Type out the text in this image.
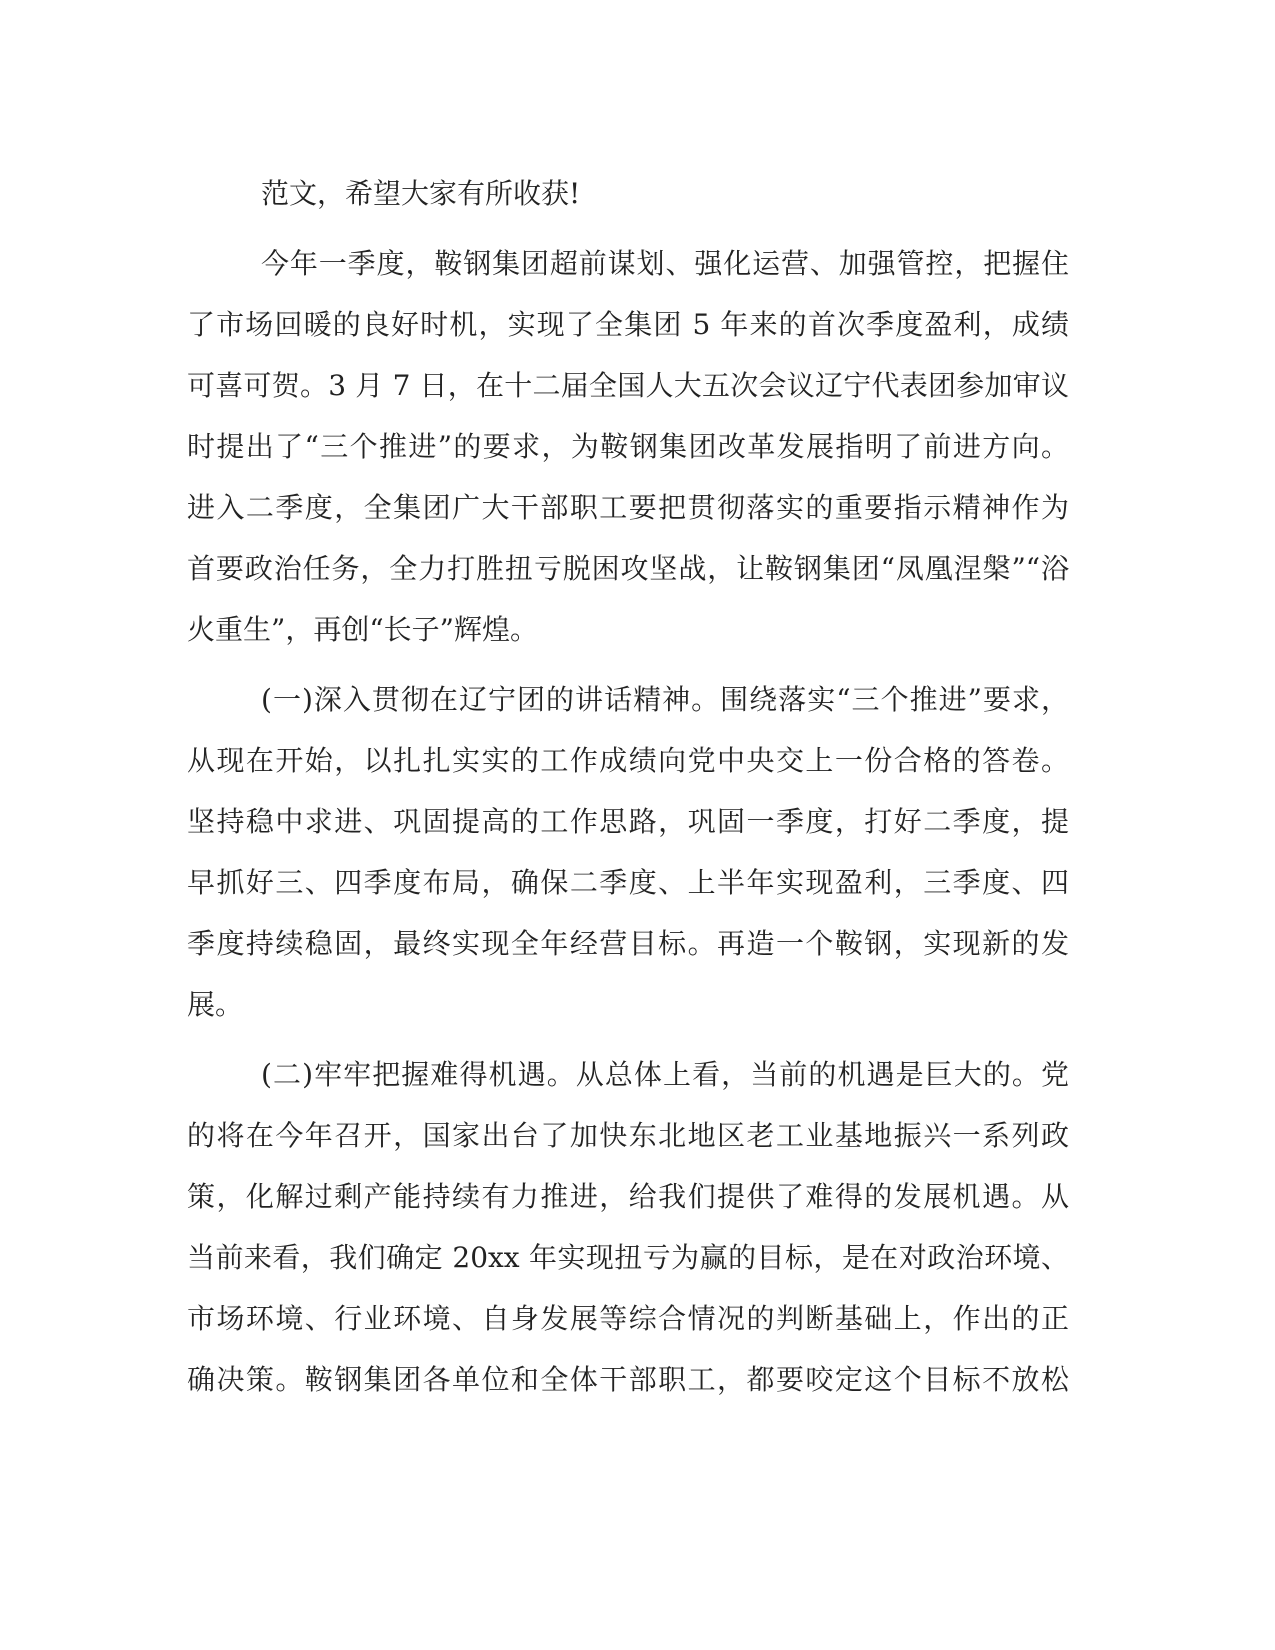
范文，希望大家有所收获!
今年一季度，鞍钢集团超前谋划、强化运营、加强管控，把握住
了市场回暖的良好时机，实现了全集团 5 年来的首次季度盈利，成绩
可喜可贺。3 月 7 日，在十二届全国人大五次会议辽宁代表团参加审议
时提出了“三个推进”的要求，为鞍钢集团改革发展指明了前进方向。
进入二季度，全集团广大干部职工要把贯彻落实的重要指示精神作为
首要政治任务，全力打胜扭亏脱困攻坚战，让鞍钢集团“凤凰涅槃”“浴
火重生”，再创“长子”辉煌。
(一)深入贯彻在辽宁团的讲话精神。围绕落实“三个推进”要求，
从现在开始，以扎扎实实的工作成绩向党中央交上一份合格的答卷。
坚持稳中求进、巩固提高的工作思路，巩固一季度，打好二季度，提
早抓好三、四季度布局，确保二季度、上半年实现盈利，三季度、四
季度持续稳固，最终实现全年经营目标。再造一个鞍钢，实现新的发
展。
(二)牢牢把握难得机遇。从总体上看，当前的机遇是巨大的。党
的将在今年召开，国家出台了加快东北地区老工业基地振兴一系列政
策，化解过剩产能持续有力推进，给我们提供了难得的发展机遇。从
当前来看，我们确定 20xx 年实现扭亏为赢的目标，是在对政治环境、
市场环境、行业环境、自身发展等综合情况的判断基础上，作出的正
确决策。鞍钢集团各单位和全体干部职工，都要咬定这个目标不放松
